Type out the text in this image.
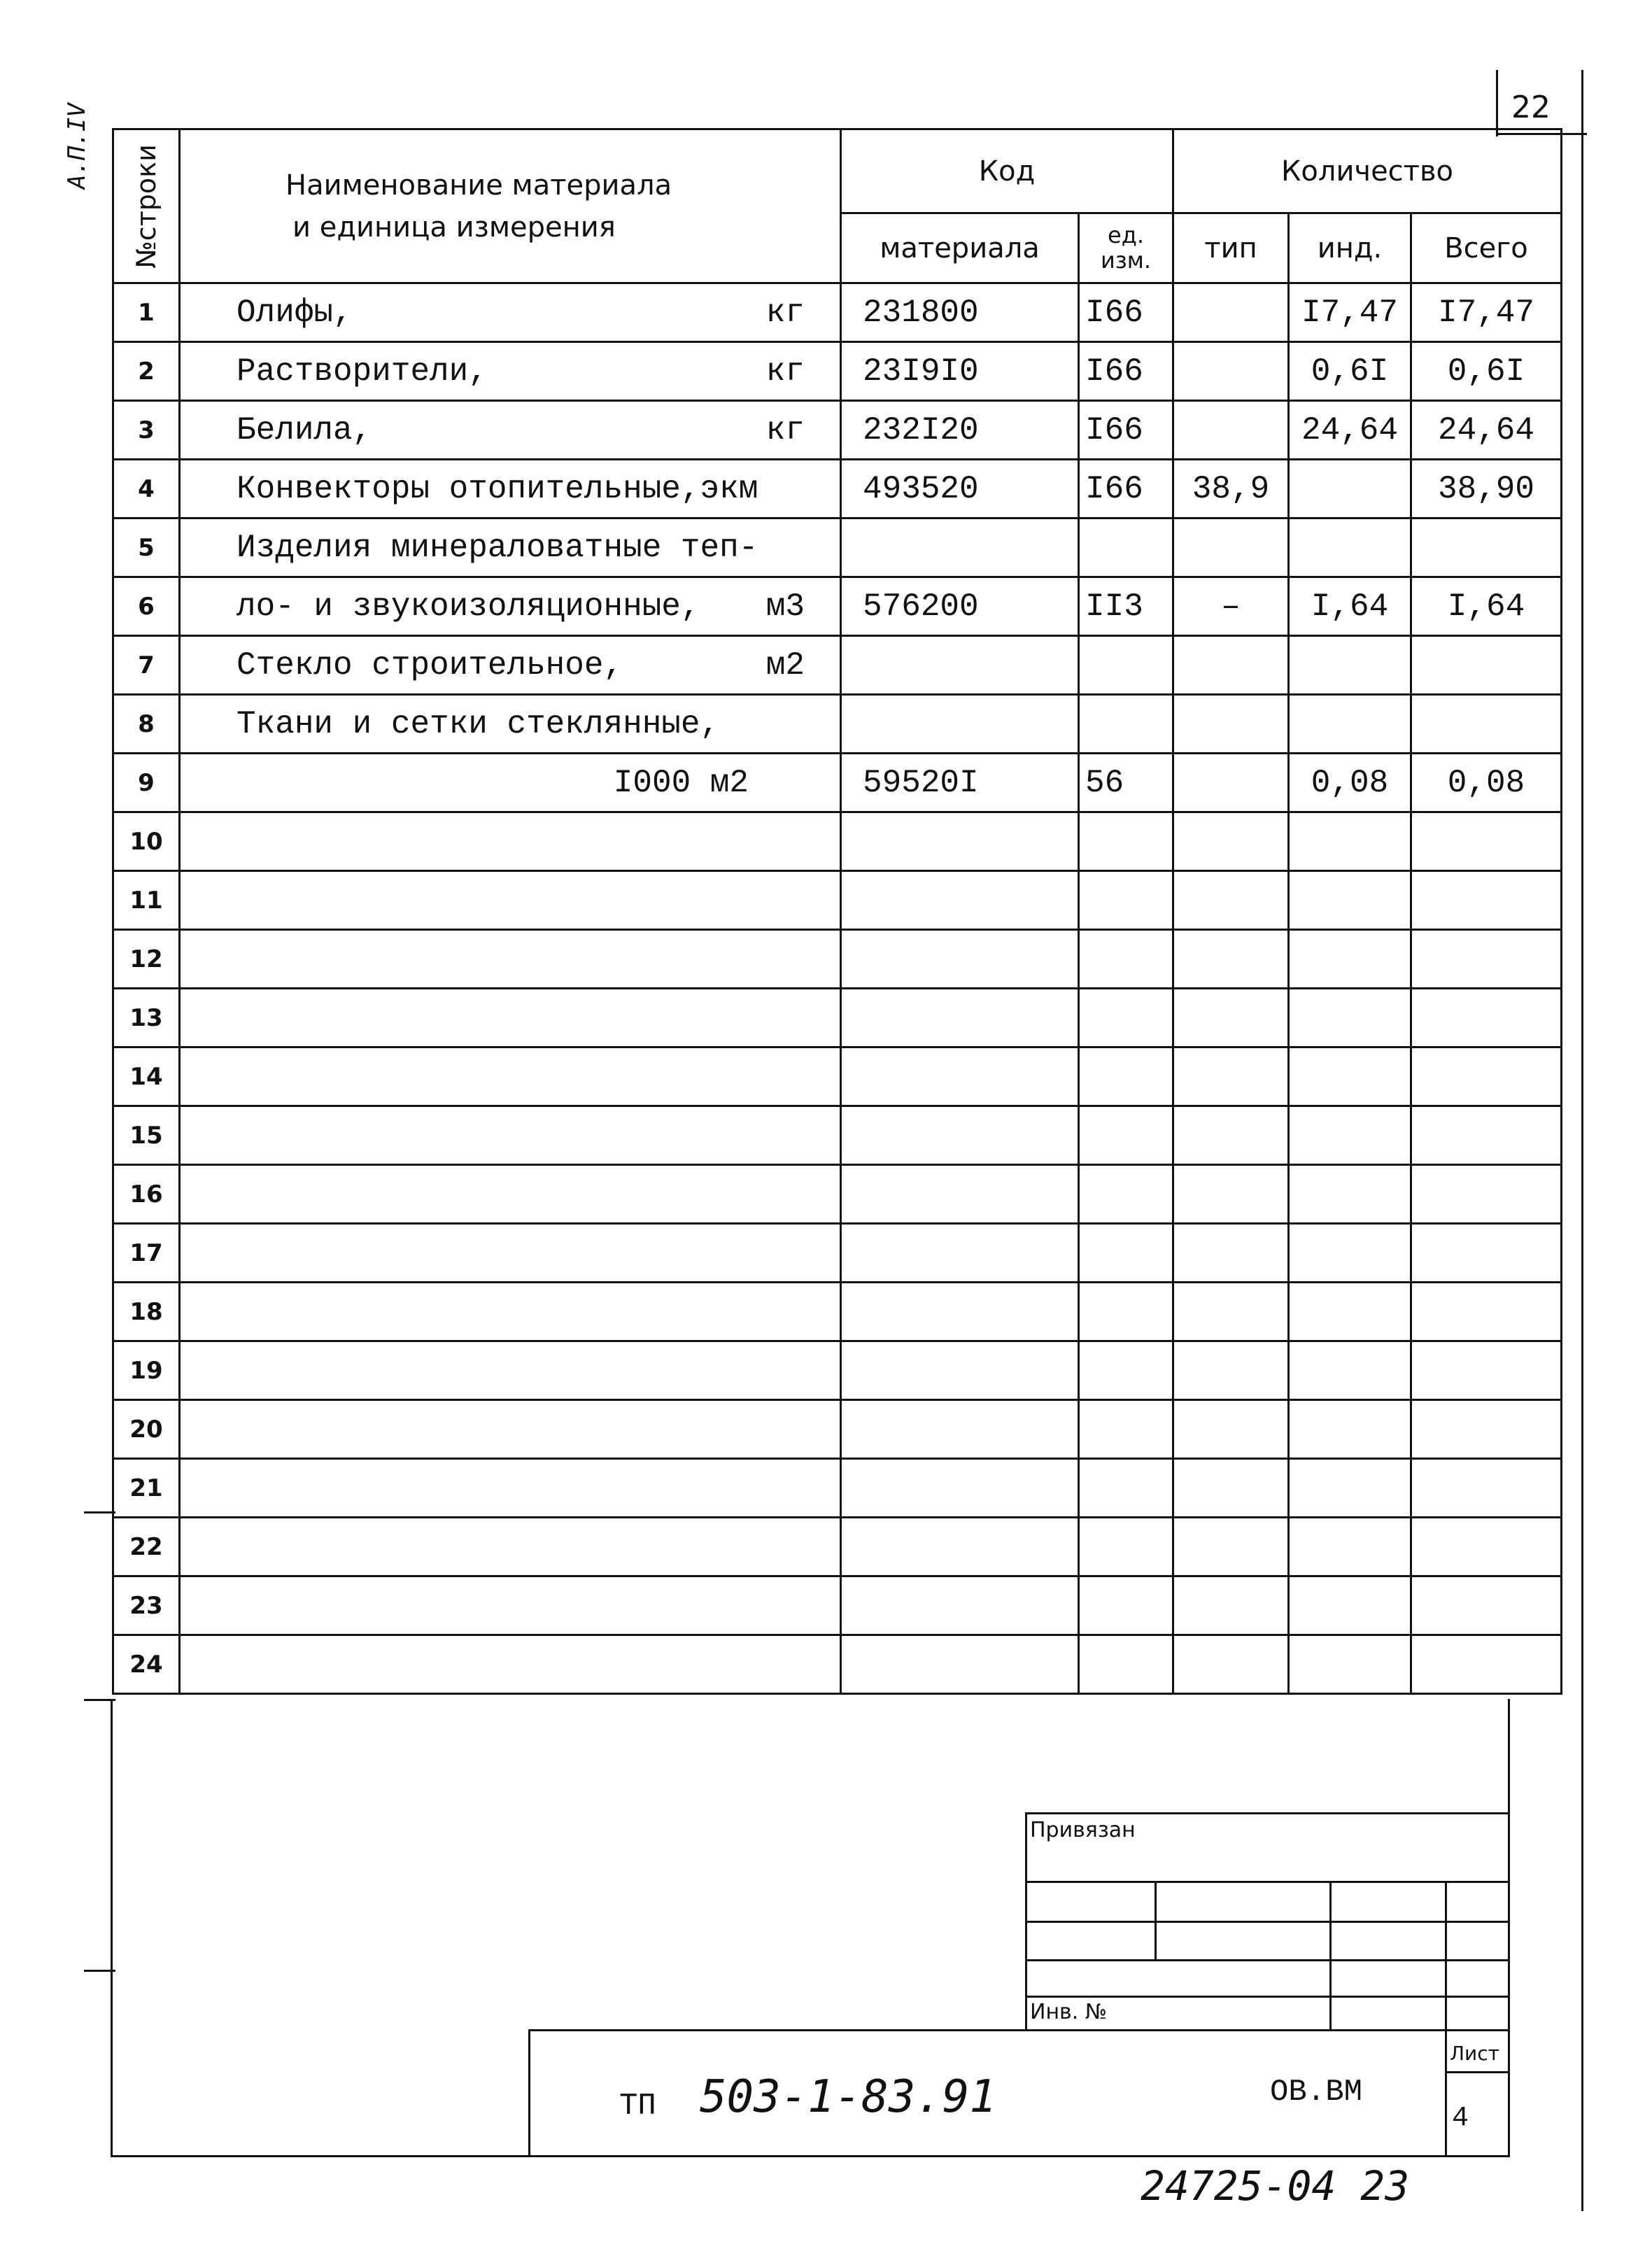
22
А.П.IV №строки	Наименование материала
и единица измерения	Код		Количество		
		материала	ед. изм.	тип	инд.	Всего
1	Олифы, кг	231800	I66		I7,47	I7,47
2	Растворители, кг	23I9I0	I66		0,6I	0,6I
3	Белила, кг	232I20	I66		24,64	24,64
4	Конвекторы отопительные,экм	493520	I66	38,9		38,90
5	Изделия минераловатные теп-					

6	ло- и звукоизоляционные, м3	576200	II3	–	I,64	I,64
7	Стекло строительное, м2					

8	Ткани и сетки стеклянные,					

9	I000 м2	59520I	56		0,08	0,08
10	

11	

12	

13	

14	

15	

16	

17	

18	

19	

20	

21	

22	

23	

24	

Привязан
Инв. №
Лист
4
ТП 503-1-83.91	ОВ.ВМ
24725-04 23
